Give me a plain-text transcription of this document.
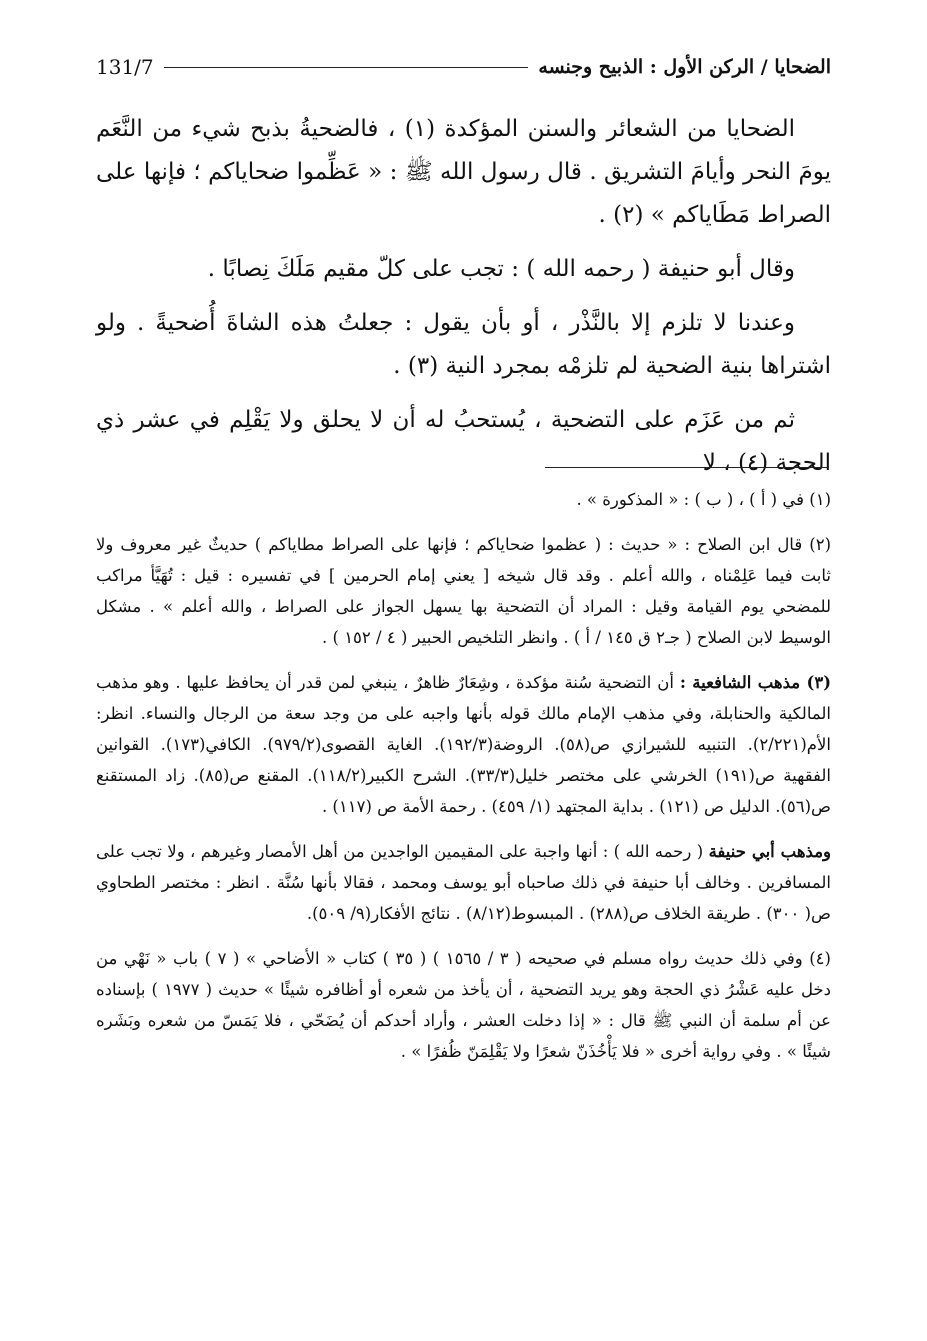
الضحايا / الركن الأول : الذبيح وجنسه
131/7

الضحايا من الشعائر والسنن المؤكدة (١) ، فالضحيةُ بذبح شيء من النَّعَم يومَ النحر وأيامَ التشريق . قال رسول الله ﷺ : « عَظِّموا ضحاياكم ؛ فإنها على الصراط مَطَاياكم » (٢) .

وقال أبو حنيفة ( رحمه الله ) : تجب على كلّ مقيم مَلَكَ نِصابًا .

وعندنا لا تلزم إلا بالنَّذْر ، أو بأن يقول : جعلتُ هذه الشاةَ أُضحيةً . ولو اشتراها بنية الضحية لم تلزمْه بمجرد النية (٣) .

ثم من عَزَم على التضحية ، يُستحبُ له أن لا يحلق ولا يَقْلِم في عشر ذي الحجة (٤) ، لا

(١) في ( أ ) ، ( ب ) : « المذكورة » .

(٢) قال ابن الصلاح : « حديث : ( عظموا ضحاياكم ؛ فإنها على الصراط مطاياكم ) حديثٌ غير معروف ولا ثابت فيما عَلِمْناه ، والله أعلم . وقد قال شيخه [ يعني إمام الحرمين ] في تفسيره : قيل : تُهَيَّأ مراكب للمضحي يوم القيامة وقيل : المراد أن التضحية بها يسهل الجواز على الصراط ، والله أعلم » . مشكل الوسيط لابن الصلاح ( جـ٢ ق ١٤٥ / أ ) . وانظر التلخيص الحبير ( ٤ / ١٥٢ ) .

(٣) مذهب الشافعية : أن التضحية سُنة مؤكدة ، وشِعَارٌ ظاهرٌ ، ينبغي لمن قدر أن يحافظ عليها . وهو مذهب المالكية والحنابلة، وفي مذهب الإمام مالك قوله بأنها واجبه على من وجد سعة من الرجال والنساء. انظر: الأم(٢/٢٢١). التنبيه للشيرازي ص(٥٨). الروضة(١٩٢/٣). الغاية القصوى(٩٧٩/٢). الكافي(١٧٣). القوانين الفقهية ص(١٩١) الخرشي على مختصر خليل(٣٣/٣). الشرح الكبير(١١٨/٢). المقنع ص(٨٥). زاد المستقنع ص(٥٦). الدليل ص (١٢١) . بداية المجتهد (١/ ٤٥٩) . رحمة الأمة ص (١١٧) .

ومذهب أبي حنيفة ( رحمه الله ) : أنها واجبة على المقيمين الواجدين من أهل الأمصار وغيرهم ، ولا تجب على المسافرين . وخالف أبا حنيفة في ذلك صاحباه أبو يوسف ومحمد ، فقالا بأنها سُنَّة . انظر : مختصر الطحاوي ص( ٣٠٠) . طريقة الخلاف ص(٢٨٨) . المبسوط(٨/١٢) . نتائج الأفكار(٩/ ٥٠٩).

(٤) وفي ذلك حديث رواه مسلم في صحيحه ( ٣ / ١٥٦٥ ) ( ٣٥ ) كتاب « الأضاحي » ( ٧ ) باب « نَهْي من دخل عليه عَشْرُ ذي الحجة وهو يريد التضحية ، أن يأخذ من شعره أو أظافره شيئًا » حديث ( ١٩٧٧ ) بإسناده عن أم سلمة أن النبي ﷺ قال : « إذا دخلت العشر ، وأراد أحدكم أن يُضَحّي ، فلا يَمَسّ من شعره وبَشَره شيئًا » . وفي رواية أخرى « فلا يَأْخُذَنّ شعرًا ولا يَقْلِمَنّ ظُفرًا » .
